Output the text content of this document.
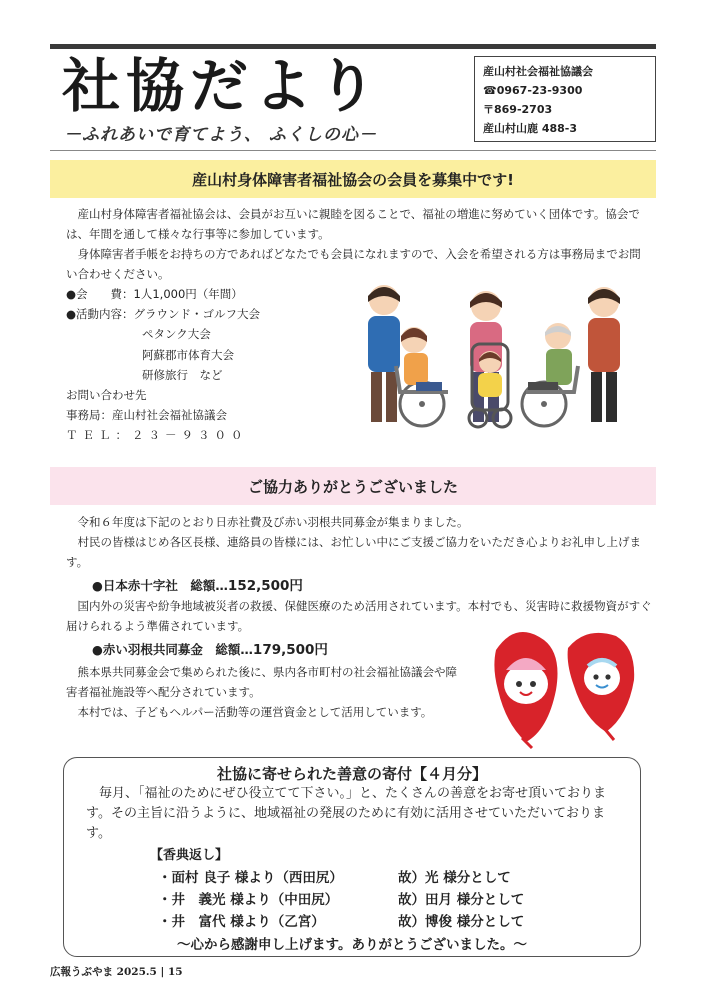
社協だより
－ふれあいで育てよう、 ふくしの心－
産山村社会福祉協議会
☎0967-23-9300
〒869-2703
産山村山鹿 488-3
産山村身体障害者福祉協会の会員を募集中です!
産山村身体障害者福祉協会は、会員がお互いに親睦を図ることで、福祉の増進に努めていく団体です。協会では、年間を通して様々な行事等に参加しています。
身体障害者手帳をお持ちの方であればどなたでも会員になれますので、入会を希望される方は事務局までお問い合わせください。
●会　　費：1人1,000円（年間）
●活動内容：グラウンド・ゴルフ大会
ペタンク大会
阿蘇郡市体育大会
研修旅行　など
お問い合わせ先
事務局：産山村社会福祉協議会
ＴＥＬ：２３－９３００
ご協力ありがとうございました
令和６年度は下記のとおり日赤社費及び赤い羽根共同募金が集まりました。
村民の皆様はじめ各区長様、連絡員の皆様には、お忙しい中にご支援ご協力をいただき心よりお礼申し上げます。
●日本赤十字社　総額…152,500円
国内外の災害や紛争地域被災者の救援、保健医療のため活用されています。本村でも、災害時に救援物資がすぐ届けられるよう準備されています。
●赤い羽根共同募金　総額…179,500円
熊本県共同募金会で集められた後に、県内各市町村の社会福祉協議会や障害者福祉施設等へ配分されています。
本村では、子どもヘルパー活動等の運営資金として活用しています。
社協に寄せられた善意の寄付【４月分】
毎月、「福祉のためにぜひ役立てて下さい。」と、たくさんの善意をお寄せ頂いております。その主旨に沿うように、地域福祉の発展のために有効に活用させていただいております。
【香典返し】
・面村 良子 様より（西田尻）	故）光 様分として
・井　義光 様より（中田尻）	故）田月 様分として
・井　富代 様より（乙宮）	故）博俊 様分として
～心から感謝申し上げます。ありがとうございました。～
広報うぶやま 2025.5 | 15
